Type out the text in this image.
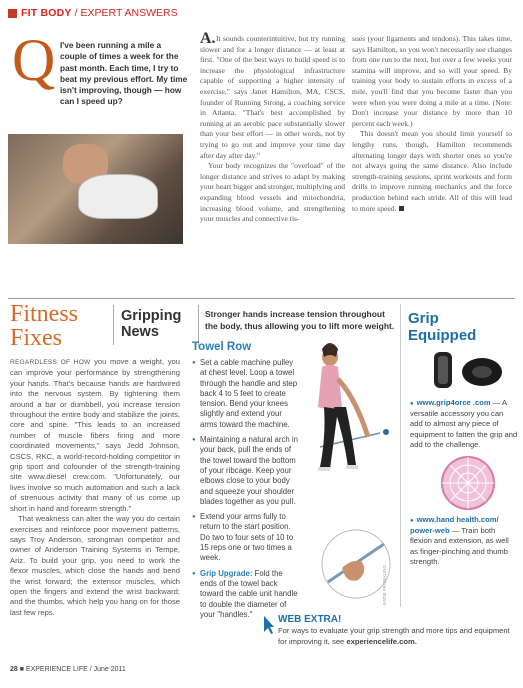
FIT BODY / EXPERT ANSWERS
Q I've been running a mile a couple of times a week for the past month. Each time, I try to beat my previous effort. My time isn't improving, though — how can I speed up?
A. It sounds counterintuitive, but try running slower and for a longer distance — at least at first. "One of the best ways to build speed is to increase the physiological infrastructure capable of supporting a higher intensity of exercise," says Janet Hamilton, MA, CSCS, founder of Running Strong, a coaching service in Atlanta. "That's best accomplished by running at an aerobic pace substantially slower than your best effort — in other words, not by trying to go out and improve your time day after day after day."

Your body recognizes the "overload" of the longer distance and strives to adapt by making your heart bigger and stronger, multiplying and expanding blood vessels and mitochondria, increasing blood volume, and strengthening your muscles and connective tis-

sues (your ligaments and tendons). This takes time, says Hamilton, so you won't necessarily see changes from one run to the next, but over a few weeks your stamina will improve, and so will your speed. By training your body to sustain efforts in excess of a mile, you'll find that you become faster than you were when you were doing a mile at a time. (Note: Don't increase your distance by more than 10 percent each week.)

This doesn't mean you should limit yourself to lengthy runs, though, Hamilton recommends alternating longer days with shorter ones so you're not always going the same distance. Also include strength-training sessions, sprint workouts and form drills to improve running mechanics and the force production behind each stride. All of this will lead to more speed.

Fitness
Fixes
Gripping
News
Stronger hands increase tension throughout the body, thus allowing you to lift more weight.

REGARDLESS OF HOW you move a weight, you can improve your performance by strengthening your hands. That's because hands are hardwired into the nervous system. By tightening them around a bar or dumbbell, you increase tension throughout the entire body and stabilize the joints, core and spine. "This leads to an increased number of muscle fibers firing and more coordinated movements," says Jedd Johnson, CSCS, RKC, a world-record-holding competitor in grip sport and cofounder of the strength-training site www.diesel crew.com. "Unfortunately, our lives involve so much automation and such a lack of strenuous activity that many of us come up short in hand and forearm strength."

That weakness can alter the way you do certain exercises and reinforce poor movement patterns, says Troy Anderson, strongman competitor and owner of Anderson Training Systems in Tempe, Ariz. To build your grip, you need to work the flexor muscles, which close the hands and bend the wrist forward; the extensor muscles, which open the fingers and extend the wrist backward; and the thumbs, which help you hang on for those last few reps.

Towel Row
● Set a cable machine pulley at chest level. Loop a towel through the handle and step back 4 to 5 feet to create tension. Bend your knees slightly and extend your arms toward the machine.
● Maintaining a natural arch in your back, pull the ends of the towel toward the bottom of your ribcage. Keep your elbows close to your body and squeeze your shoulder blades together as you pull.
● Extend your arms fully to return to the start position. Do two to four sets of 10 to 15 reps one or two times a week.
● Grip Upgrade: Fold the ends of the towel back toward the cable unit handle to double the diameter of your "handles."
KATIE FROEHLING
Grip
Equipped
● www.grip4orce .com — A versatile accessory you can add to almost any piece of equipment to fatten the grip and add to the challenge.
● www.hand health.com/ power-web — Train both flexion and extension, as well as finger-pinching and thumb strength.
WEB EXTRA!
For ways to evaluate your grip strength and more tips and equipment for improving it, see experiencelife.com.
28 ■ EXPERIENCE LIFE / June 2011
